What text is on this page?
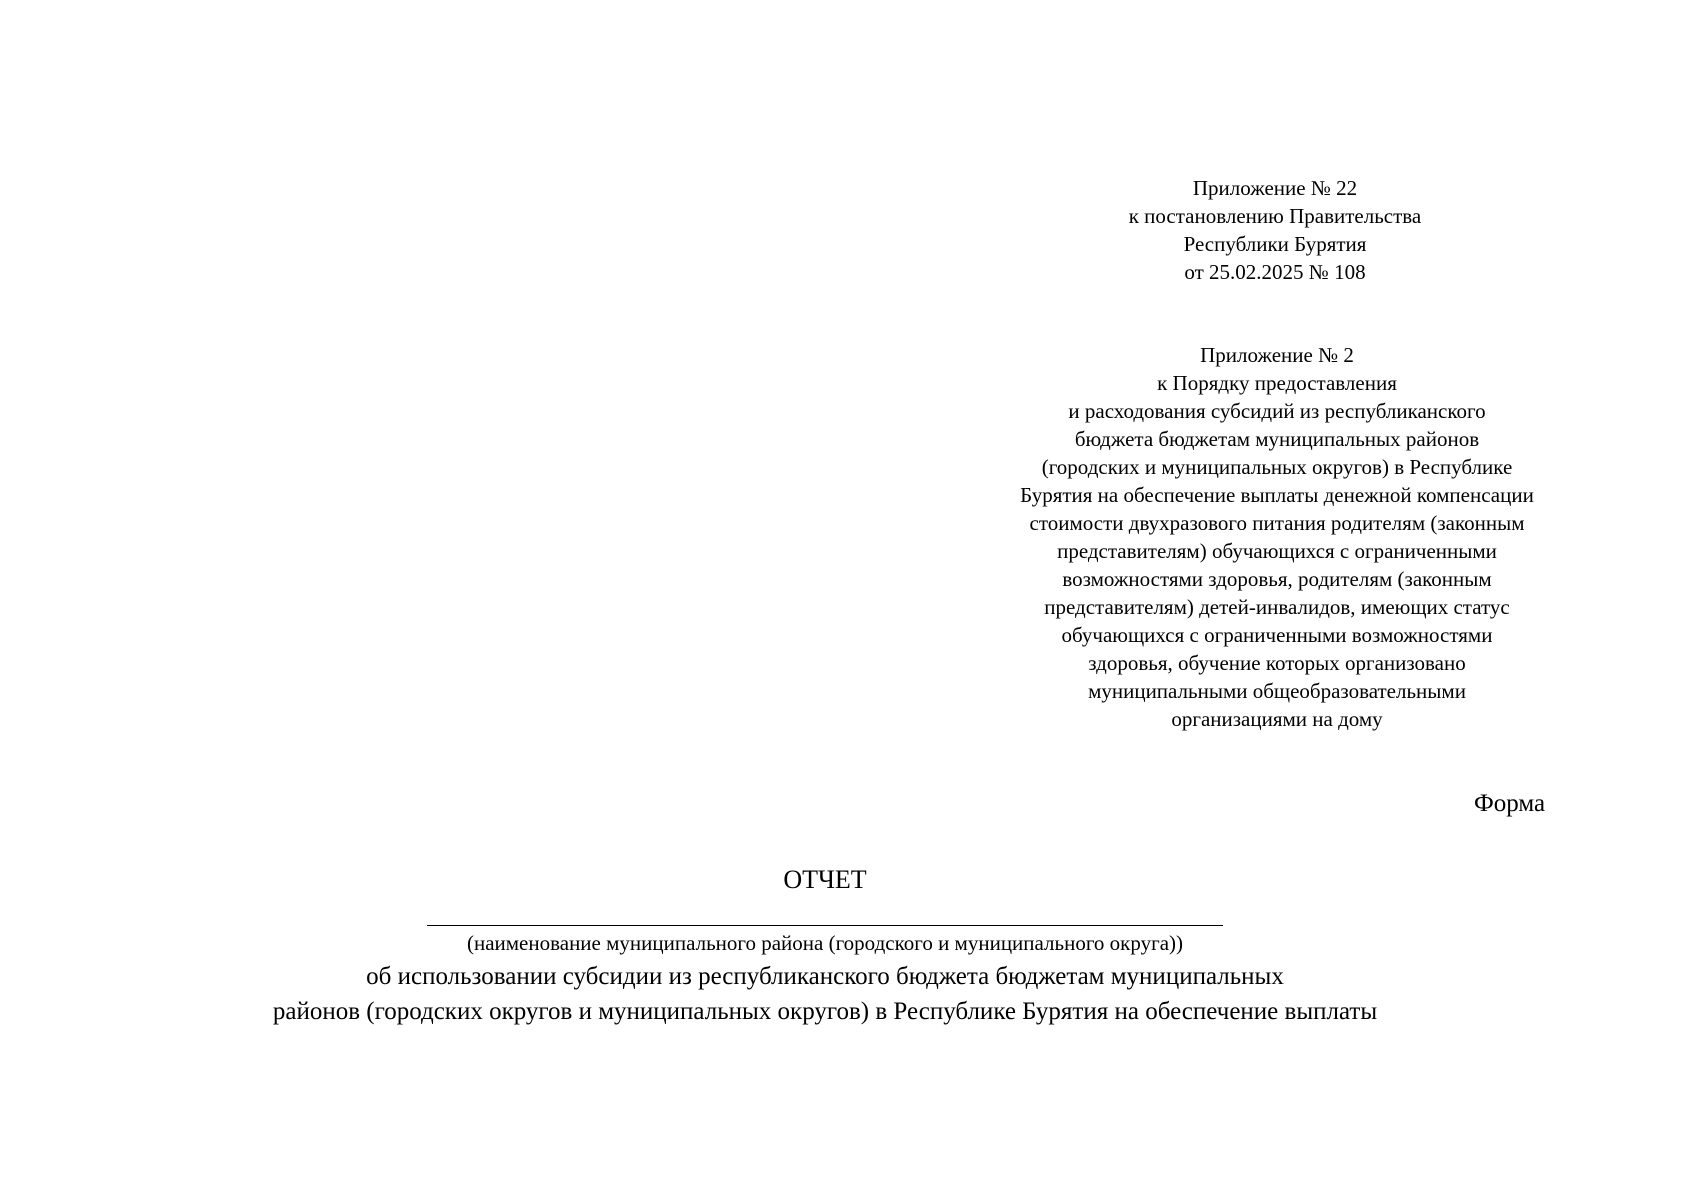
Приложение № 22
к постановлению Правительства
Республики Бурятия
от 25.02.2025 № 108
Приложение № 2
к Порядку предоставления
и расходования субсидий из республиканского
бюджета бюджетам муниципальных районов
(городских и муниципальных округов) в Республике
Бурятия на обеспечение выплаты денежной компенсации
стоимости двухразового питания родителям (законным
представителям) обучающихся с ограниченными
возможностями здоровья, родителям (законным
представителям) детей-инвалидов, имеющих статус
обучающихся с ограниченными возможностями
здоровья, обучение которых организовано
муниципальными общеобразовательными
организациями на дому
Форма
ОТЧЕТ
(наименование муниципального района (городского и муниципального округа))
об использовании субсидии из республиканского бюджета бюджетам муниципальных
районов (городских округов и муниципальных округов) в Республике Бурятия на обеспечение выплаты
